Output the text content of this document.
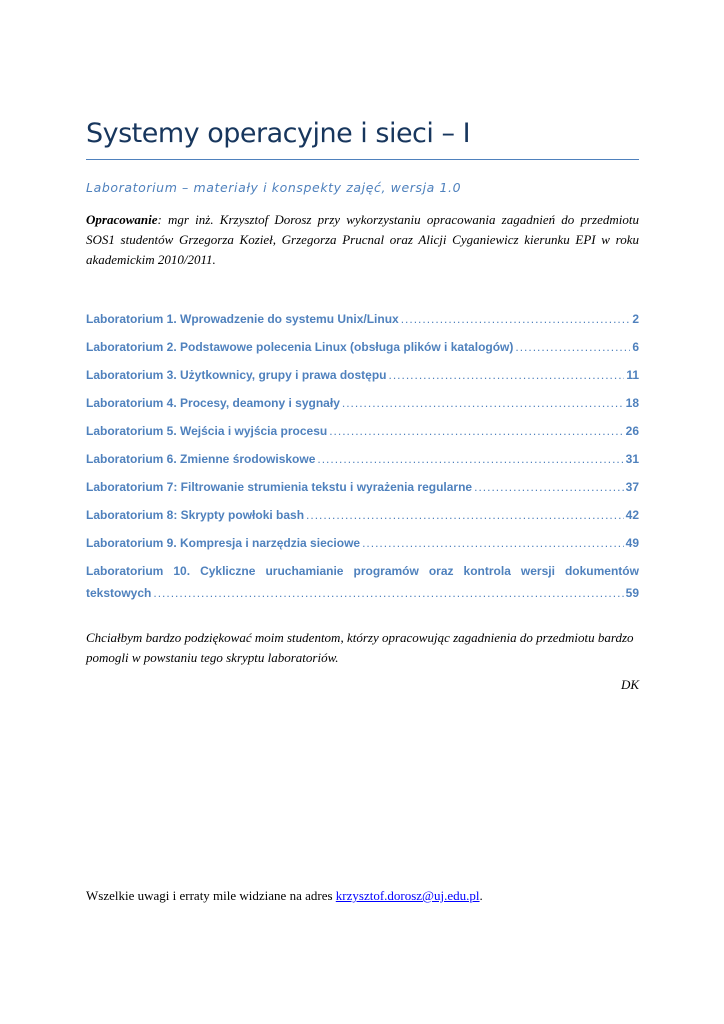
Systemy operacyjne i sieci – I
Laboratorium – materiały i konspekty zajęć, wersja 1.0

Opracowanie: mgr inż. Krzysztof Dorosz przy wykorzystaniu opracowania zagadnień do przedmiotu SOS1 studentów Grzegorza Kozieł, Grzegorza Prucnal oraz Alicji Cyganiewicz kierunku EPI w roku akademickim 2010/2011.

Laboratorium 1. Wprowadzenie do systemu Unix/Linux .....	2
Laboratorium 2. Podstawowe polecenia Linux (obsługa plików i katalogów) .....	6
Laboratorium 3. Użytkownicy, grupy i prawa dostępu .....	11
Laboratorium 4. Procesy, deamony i sygnały .....	18
Laboratorium 5. Wejścia i wyjścia procesu .....	26
Laboratorium 6. Zmienne środowiskowe .....	31
Laboratorium 7: Filtrowanie strumienia tekstu i wyrażenia regularne .....	37
Laboratorium 8: Skrypty powłoki bash .....	42
Laboratorium 9. Kompresja i narzędzia sieciowe .....	49
Laboratorium 10. Cykliczne uruchamianie programów oraz kontrola wersji dokumentów
tekstowych .....	59

Chciałbym bardzo podziękować moim studentom, którzy opracowując zagadnienia do przedmiotu bardzo pomogli w powstaniu tego skryptu laboratoriów.

DK
Wszelkie uwagi i erraty mile widziane na adres krzysztof.dorosz@uj.edu.pl.
